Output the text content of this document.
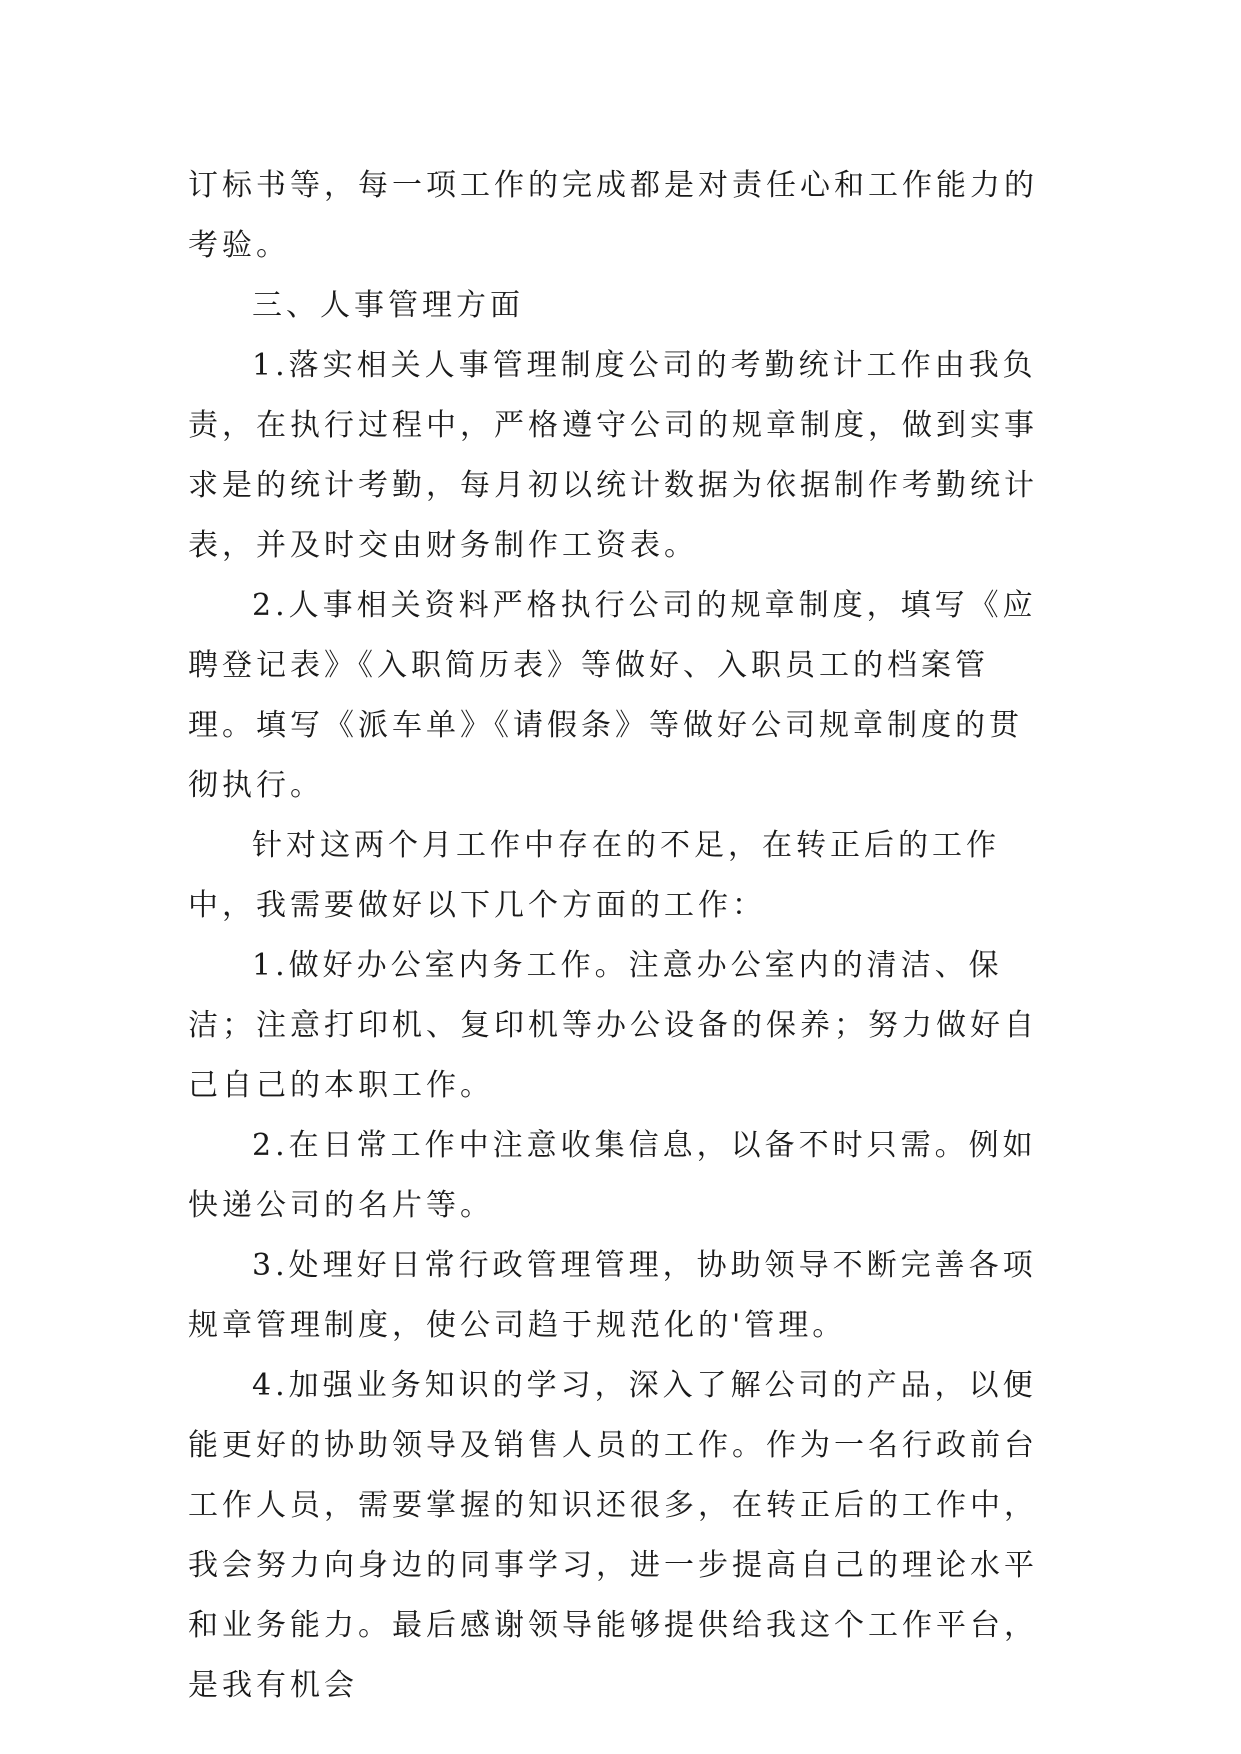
订标书等，每一项工作的完成都是对责任心和工作能力的考验。

三、人事管理方面

1.落实相关人事管理制度公司的考勤统计工作由我负责，在执行过程中，严格遵守公司的规章制度，做到实事求是的统计考勤，每月初以统计数据为依据制作考勤统计表，并及时交由财务制作工资表。

2.人事相关资料严格执行公司的规章制度，填写《应聘登记表》《入职简历表》等做好、入职员工的档案管理。填写《派车单》《请假条》等做好公司规章制度的贯彻执行。

针对这两个月工作中存在的不足，在转正后的工作中，我需要做好以下几个方面的工作：

1.做好办公室内务工作。注意办公室内的清洁、保洁；注意打印机、复印机等办公设备的保养；努力做好自己自己的本职工作。

2.在日常工作中注意收集信息，以备不时只需。例如快递公司的名片等。

3.处理好日常行政管理管理，协助领导不断完善各项规章管理制度，使公司趋于规范化的'管理。

4.加强业务知识的学习，深入了解公司的产品，以便能更好的协助领导及销售人员的工作。作为一名行政前台工作人员，需要掌握的知识还很多，在转正后的工作中，我会努力向身边的同事学习，进一步提高自己的理论水平和业务能力。最后感谢领导能够提供给我这个工作平台，是我有机会
